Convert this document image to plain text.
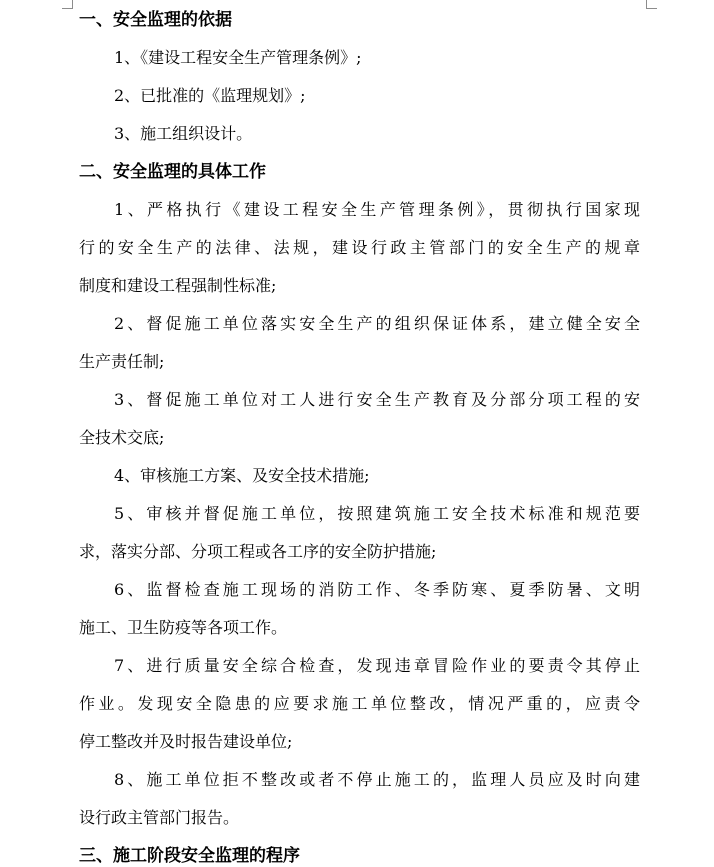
一、安全监理的依据
1、《建设工程安全生产管理条例》;
2、已批准的《监理规划》;
3、施工组织设计。
二、安全监理的具体工作
1、严格执行《建设工程安全生产管理条例》，贯彻执行国家现
行的安全生产的法律、法规，建设行政主管部门的安全生产的规章
制度和建设工程强制性标准;
2、督促施工单位落实安全生产的组织保证体系，建立健全安全
生产责任制;
3、督促施工单位对工人进行安全生产教育及分部分项工程的安
全技术交底;
4、审核施工方案、及安全技术措施;
5、审核并督促施工单位，按照建筑施工安全技术标准和规范要
求，落实分部、分项工程或各工序的安全防护措施;
6、监督检查施工现场的消防工作、冬季防寒、夏季防暑、文明
施工、卫生防疫等各项工作。
7、进行质量安全综合检查，发现违章冒险作业的要责令其停止
作业。发现安全隐患的应要求施工单位整改，情况严重的，应责令
停工整改并及时报告建设单位;
8、施工单位拒不整改或者不停止施工的，监理人员应及时向建
设行政主管部门报告。
三、施工阶段安全监理的程序
